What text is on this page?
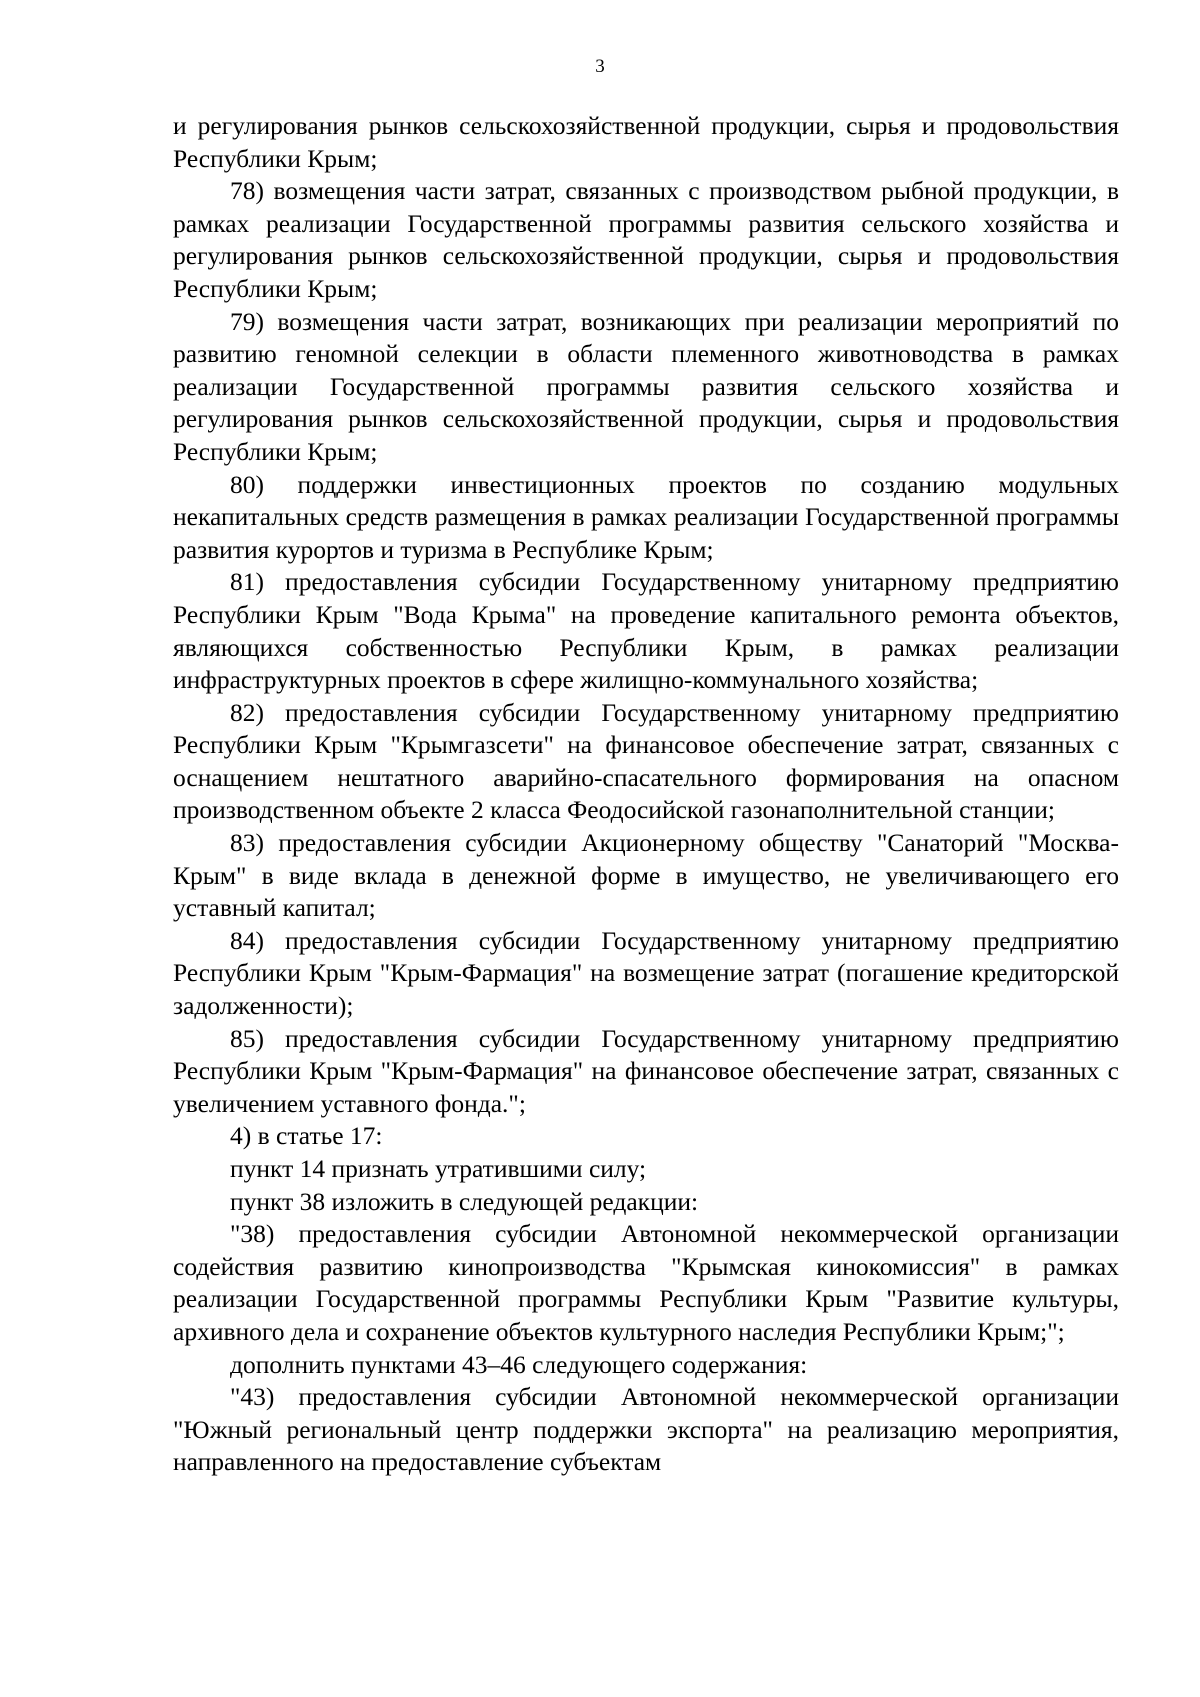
3

и регулирования рынков сельскохозяйственной продукции, сырья и продовольствия Республики Крым;

78) возмещения части затрат, связанных с производством рыбной продукции, в рамках реализации Государственной программы развития сельского хозяйства и регулирования рынков сельскохозяйственной продукции, сырья и продовольствия Республики Крым;

79) возмещения части затрат, возникающих при реализации мероприятий по развитию геномной селекции в области племенного животноводства в рамках реализации Государственной программы развития сельского хозяйства и регулирования рынков сельскохозяйственной продукции, сырья и продовольствия Республики Крым;

80) поддержки инвестиционных проектов по созданию модульных некапитальных средств размещения в рамках реализации Государственной программы развития курортов и туризма в Республике Крым;

81) предоставления субсидии Государственному унитарному предприятию Республики Крым "Вода Крыма" на проведение капитального ремонта объектов, являющихся собственностью Республики Крым, в рамках реализации инфраструктурных проектов в сфере жилищно-коммунального хозяйства;

82) предоставления субсидии Государственному унитарному предприятию Республики Крым "Крымгазсети" на финансовое обеспечение затрат, связанных с оснащением нештатного аварийно-спасательного формирования на опасном производственном объекте 2 класса Феодосийской газонаполнительной станции;

83) предоставления субсидии Акционерному обществу "Санаторий "Москва-Крым" в виде вклада в денежной форме в имущество, не увеличивающего его уставный капитал;

84) предоставления субсидии Государственному унитарному предприятию Республики Крым "Крым-Фармация" на возмещение затрат (погашение кредиторской задолженности);

85) предоставления субсидии Государственному унитарному предприятию Республики Крым "Крым-Фармация" на финансовое обеспечение затрат, связанных с увеличением уставного фонда.";

4) в статье 17:

пункт 14 признать утратившими силу;

пункт 38 изложить в следующей редакции:

"38) предоставления субсидии Автономной некоммерческой организации содействия развитию кинопроизводства "Крымская кинокомиссия" в рамках реализации Государственной программы Республики Крым "Развитие культуры, архивного дела и сохранение объектов культурного наследия Республики Крым;";

дополнить пунктами 43–46 следующего содержания:

"43) предоставления субсидии Автономной некоммерческой организации "Южный региональный центр поддержки экспорта" на реализацию мероприятия, направленного на предоставление субъектам
